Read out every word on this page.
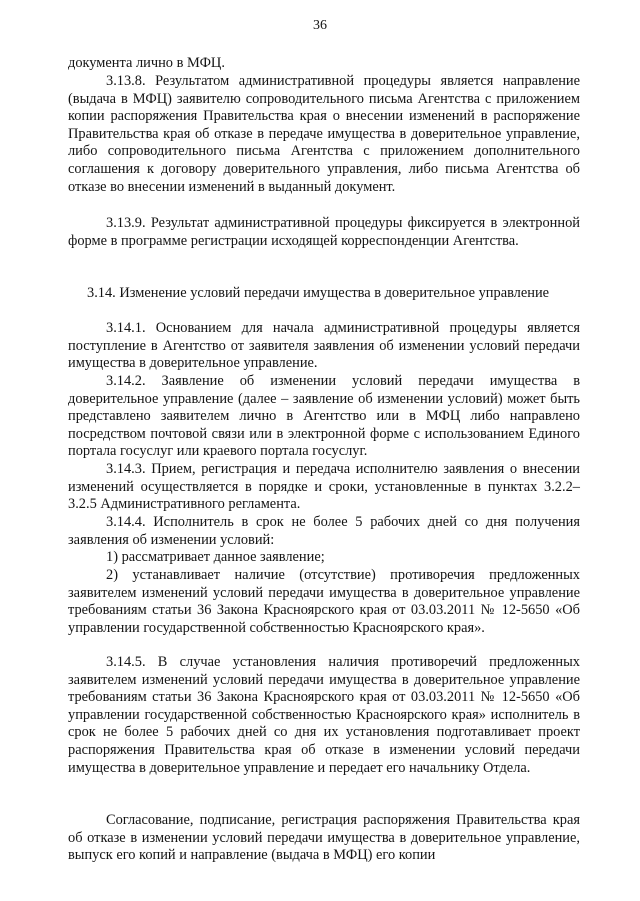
36

документа лично в МФЦ.

3.13.8. Результатом административной процедуры является направление (выдача в МФЦ) заявителю сопроводительного письма Агентства с приложением копии распоряжения Правительства края о внесении изменений в распоряжение Правительства края об отказе в передаче имущества в доверительное управление, либо сопроводительного письма Агентства с приложением дополнительного соглашения к договору доверительного управления, либо письма Агентства об отказе во внесении изменений в выданный документ.

3.13.9. Результат административной процедуры фиксируется в электронной форме в программе регистрации исходящей корреспонденции Агентства.

3.14. Изменение условий передачи имущества в доверительное управление

3.14.1. Основанием для начала административной процедуры является поступление в Агентство от заявителя заявления об изменении условий передачи имущества в доверительное управление.

3.14.2. Заявление об изменении условий передачи имущества в доверительное управление (далее – заявление об изменении условий) может быть представлено заявителем лично в Агентство или в МФЦ либо направлено посредством почтовой связи или в электронной форме с использованием Единого портала госуслуг или краевого портала госуслуг.

3.14.3. Прием, регистрация и передача исполнителю заявления о внесении изменений осуществляется в порядке и сроки, установленные в пунктах 3.2.2–3.2.5 Административного регламента.

3.14.4. Исполнитель в срок не более 5 рабочих дней со дня получения заявления об изменении условий:

1) рассматривает данное заявление;

2) устанавливает наличие (отсутствие) противоречия предложенных заявителем изменений условий передачи имущества в доверительное управление требованиям статьи 36 Закона Красноярского края от 03.03.2011 № 12-5650 «Об управлении государственной собственностью Красноярского края».

3.14.5. В случае установления наличия противоречий предложенных заявителем изменений условий передачи имущества в доверительное управление требованиям статьи 36 Закона Красноярского края от 03.03.2011 № 12-5650 «Об управлении государственной собственностью Красноярского края» исполнитель в срок не более 5 рабочих дней со дня их установления подготавливает проект распоряжения Правительства края об отказе в изменении условий передачи имущества в доверительное управление и передает его начальнику Отдела.

Согласование, подписание, регистрация распоряжения Правительства края об отказе в изменении условий передачи имущества в доверительное управление, выпуск его копий и направление (выдача в МФЦ) его копии
